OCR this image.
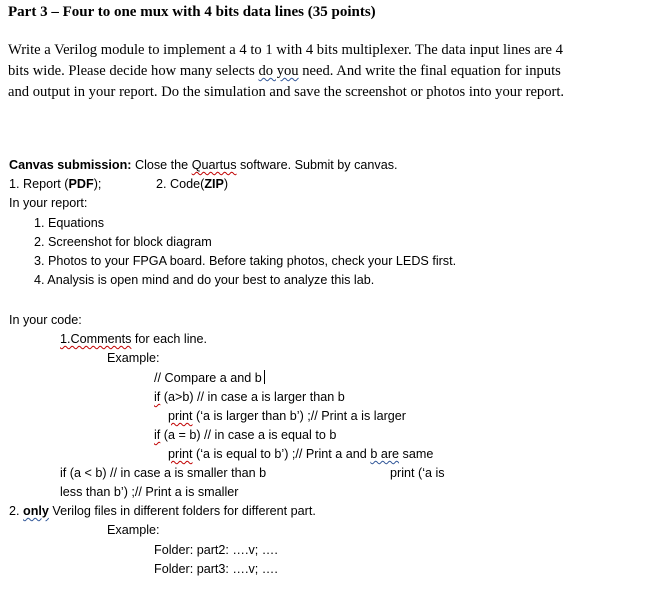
Part 3 – Four to one mux with 4 bits data lines (35 points)
Write a Verilog module to implement a 4 to 1 with 4 bits multiplexer. The data input lines are 4
bits wide. Please decide how many selects do you need. And write the final equation for inputs
and output in your report. Do the simulation and save the screenshot or photos into your report.
Canvas submission: Close the Quartus software. Submit by canvas.
1. Report (PDF);	2. Code(ZIP)
In your report:
1. Equations
2. Screenshot for block diagram
3. Photos to your FPGA board. Before taking photos, check your LEDS first.
4. Analysis is open mind and do your best to analyze this lab.
In your code:
1.Comments for each line.
Example:
// Compare a and b
if (a>b) // in case a is larger than b
print (‘a is larger than b’) ;// Print a is larger
if (a = b) // in case a is equal to b
print (‘a is equal to b’) ;// Print a and b are same
if (a < b) // in case a is smaller than b	print (‘a is
less than b’) ;// Print a is smaller
2. only Verilog files in different folders for different part.
Example:
Folder: part2: ….v; ….
Folder: part3: ….v; ….
